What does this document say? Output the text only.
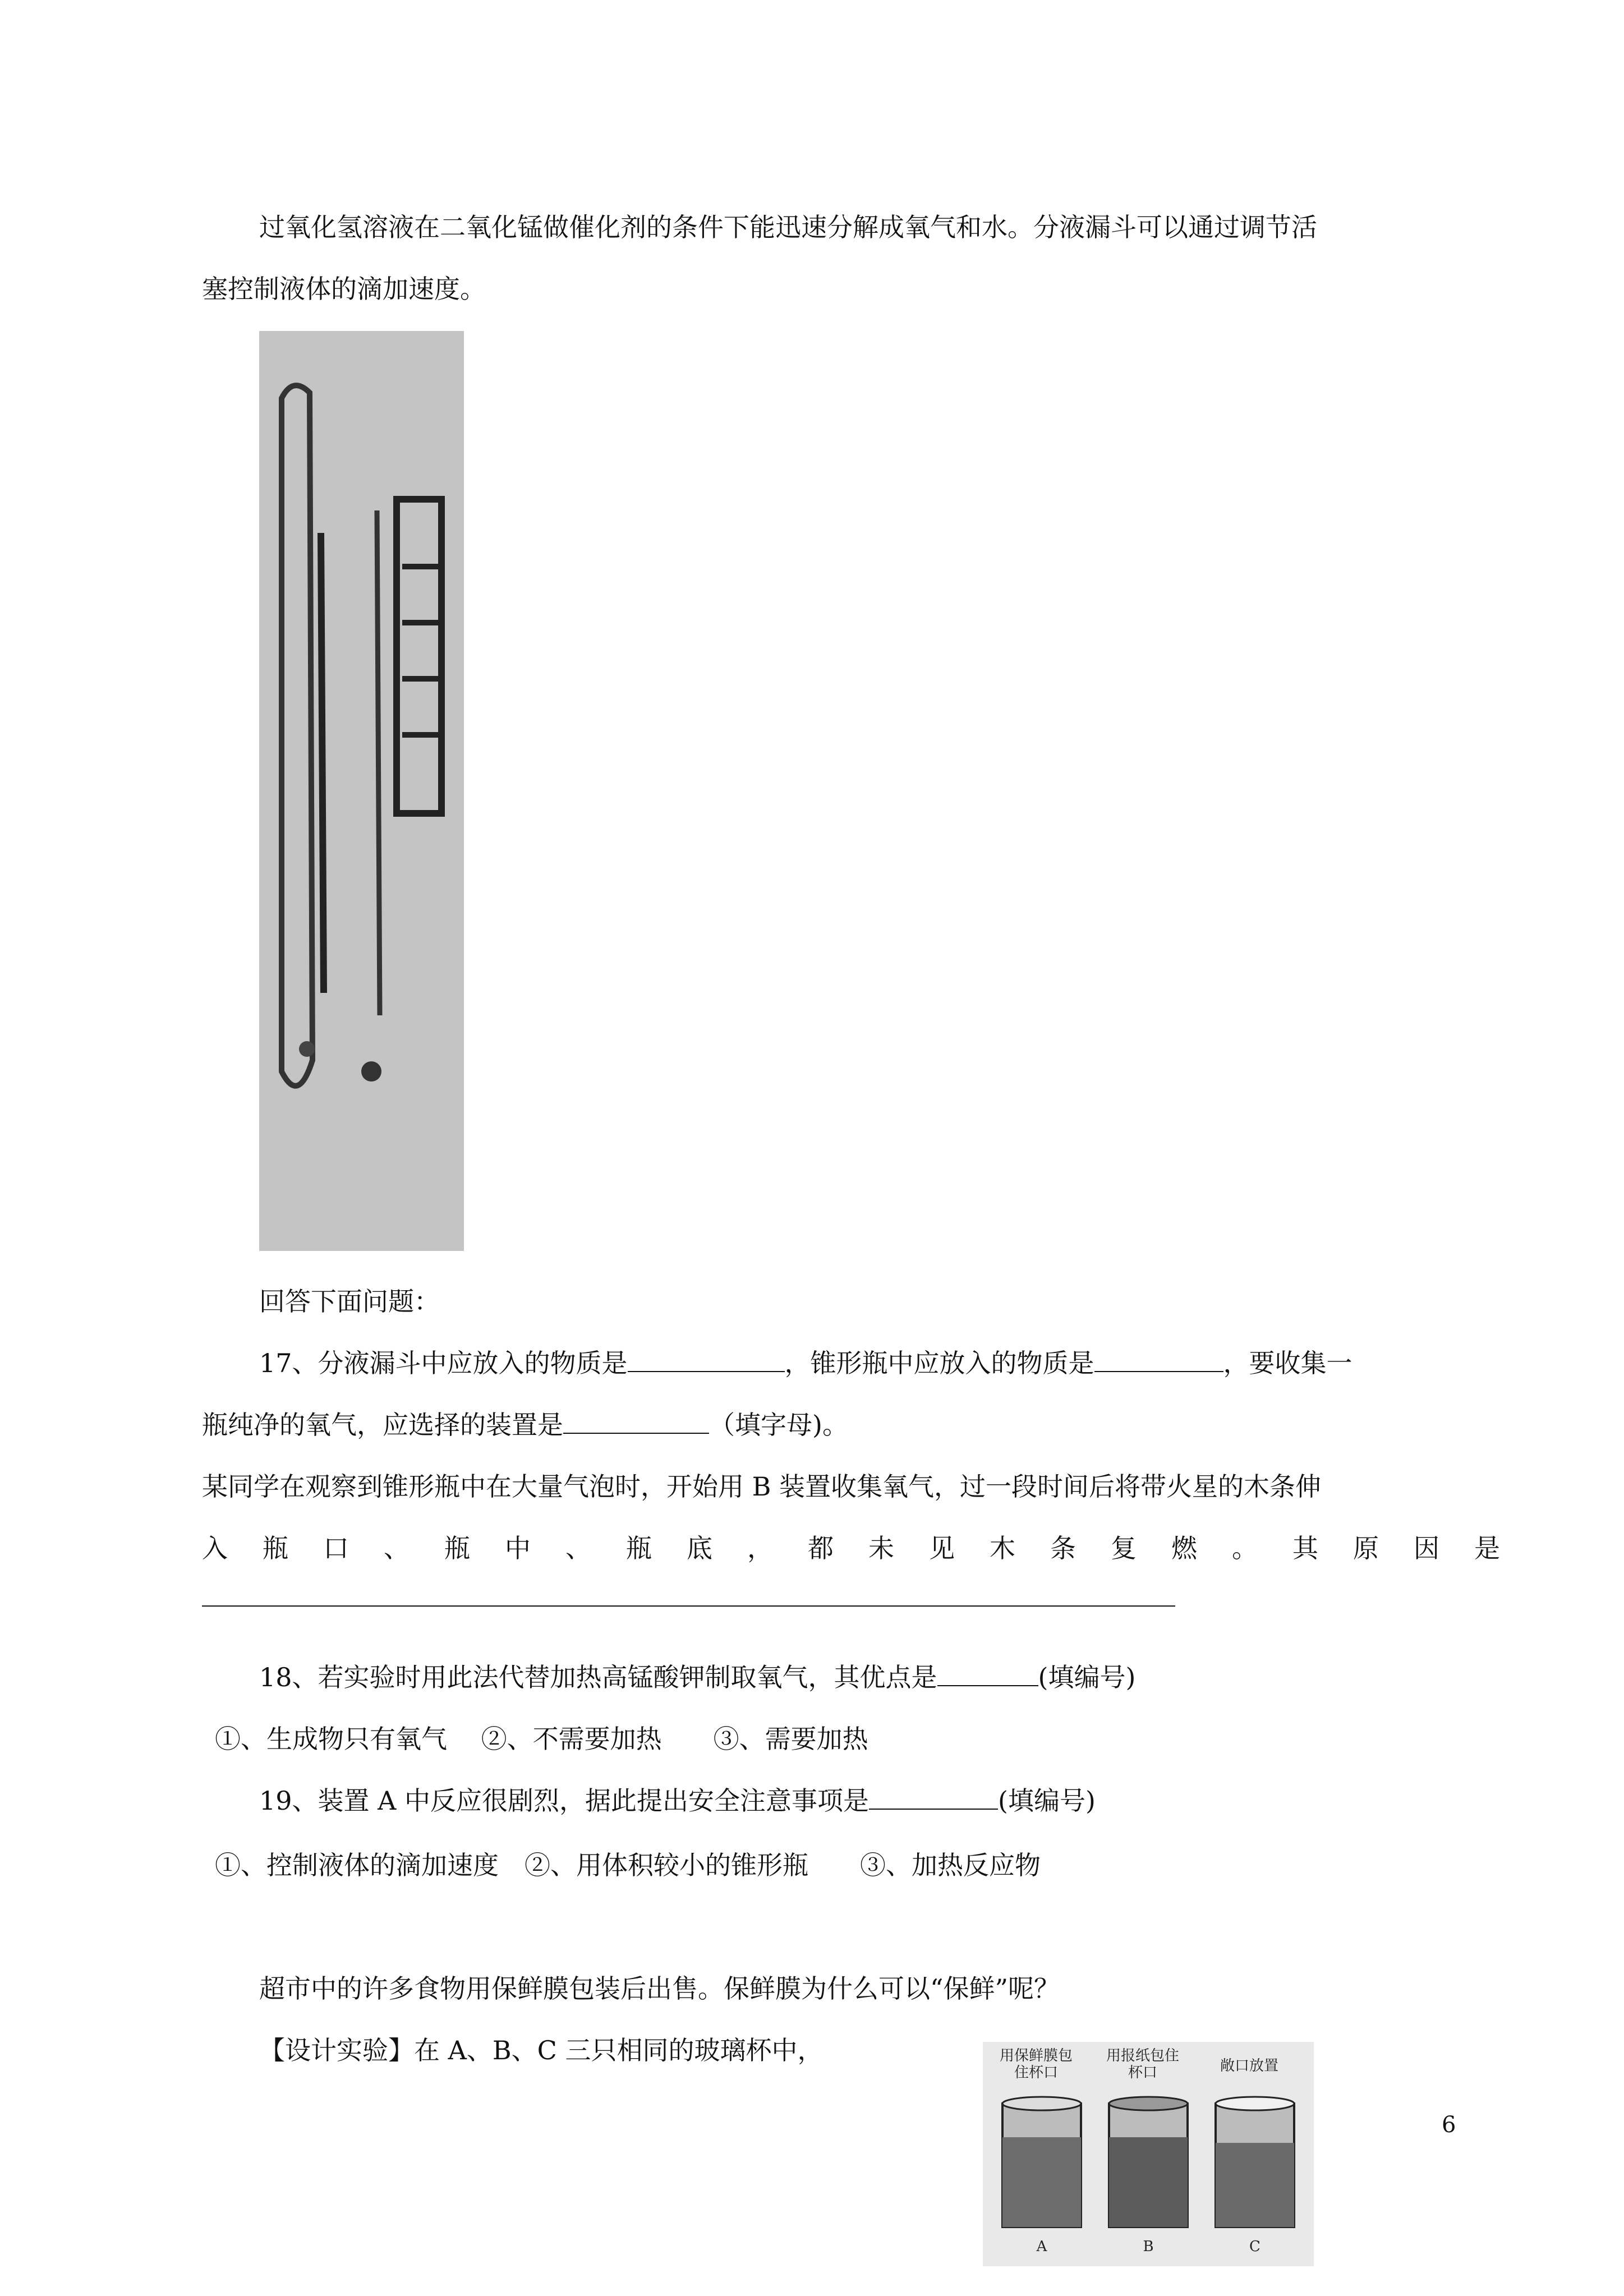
过氧化氢溶液在二氧化锰做催化剂的条件下能迅速分解成氧气和水。分液漏斗可以通过调节活
塞控制液体的滴加速度。
回答下面问题：
17、分液漏斗中应放入的物质是	，锥形瓶中应放入的物质是	，要收集一
瓶纯净的氧气，应选择的装置是	（填字母)。
某同学在观察到锥形瓶中在大量气泡时，开始用 B 装置收集氧气，过一段时间后将带火星的木条伸
入瓶口、瓶中、瓶底，都未见木条复燃。其原因是
18、若实验时用此法代替加热高锰酸钾制取氧气，其优点是	(填编号)
①、生成物只有氧气　 ②、不需要加热　　③、需要加热
19、装置 A 中反应很剧烈，据此提出安全注意事项是	(填编号)
①、控制液体的滴加速度　②、用体积较小的锥形瓶　　③、加热反应物
超市中的许多食物用保鲜膜包装后出售。保鲜膜为什么可以“保鲜”呢？
【设计实验】在 A、B、C 三只相同的玻璃杯中，	用保鲜膜包住杯口
用报纸包住杯口	敞口放置
A	B	C
6
